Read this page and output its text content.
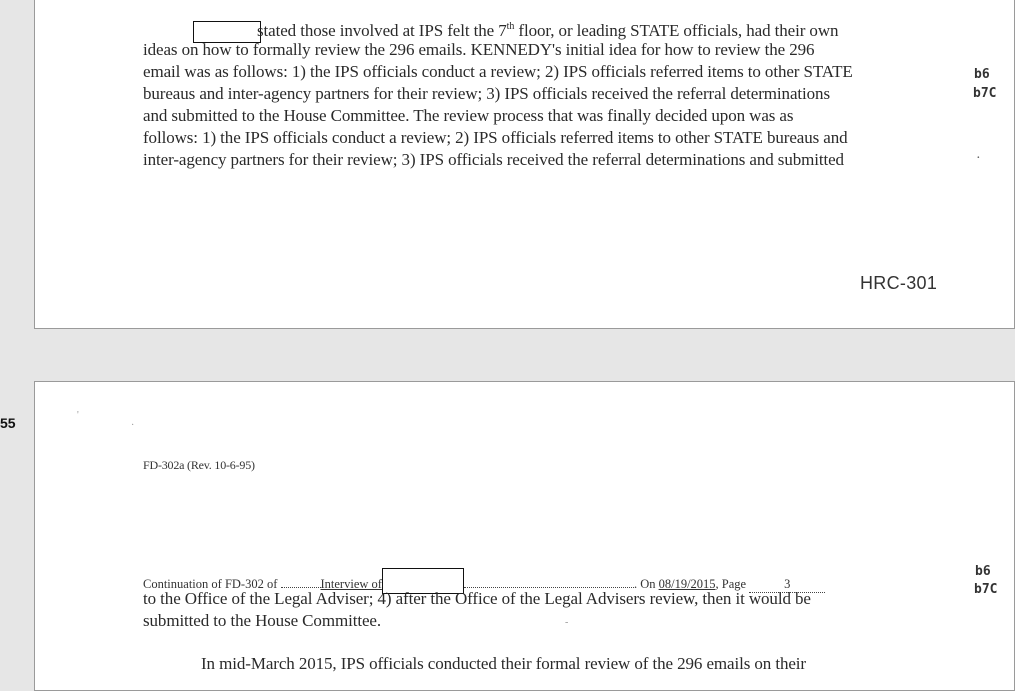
stated those involved at IPS felt the 7th floor, or leading STATE officials, had their own
ideas on how to formally review the 296 emails. KENNEDY's initial idea for how to review the 296
email was as follows: 1) the IPS officials conduct a review; 2) IPS officials referred items to other STATE
bureaus and inter-agency partners for their review; 3) IPS officials received the referral determinations
and submitted to the House Committee. The review process that was finally decided upon was as
follows: 1) the IPS officials conduct a review; 2) IPS officials referred items to other STATE bureaus and
inter-agency partners for their review; 3) IPS officials received the referral determinations and submitted
b6
b7C
·
HRC-301
55	'
·
FD-302a (Rev. 10-6-95)
Continuation of FD-302 of	Interview of	. On 08/19/2015, Page	3
b6
b7C
to the Office of the Legal Adviser; 4) after the Office of the Legal Advisers review, then it would be
submitted to the House Committee.	-
In mid-March 2015, IPS officials conducted their formal review of the 296 emails on their
